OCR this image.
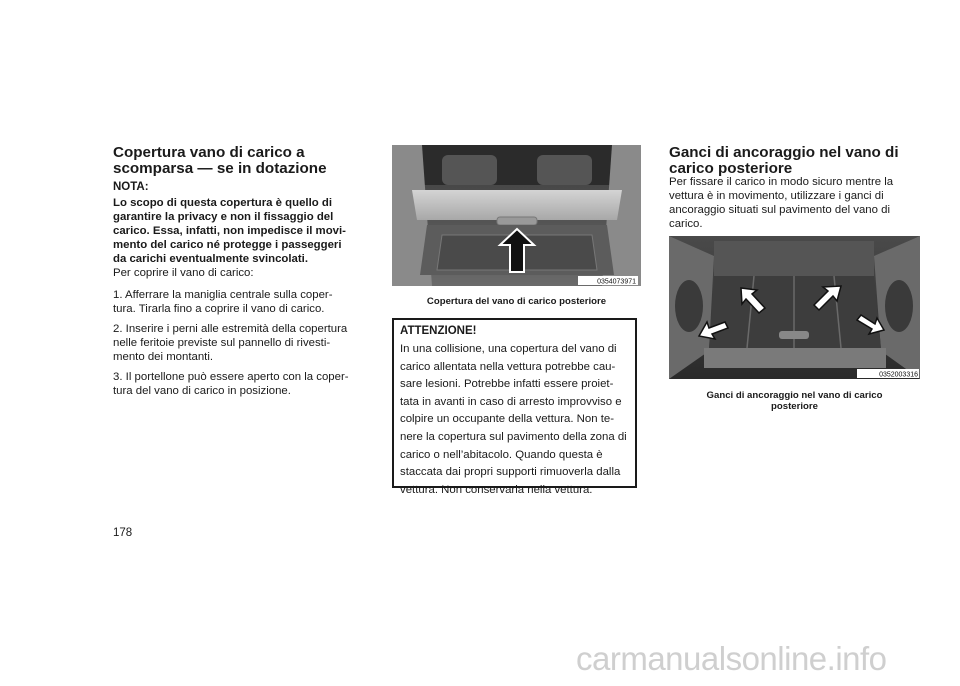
Copertura vano di carico a
scomparsa — se in dotazione
NOTA:
Lo scopo di questa copertura è quello di
garantire la privacy e non il fissaggio del
carico. Essa, infatti, non impedisce il movi-
mento del carico né protegge i passeggeri
da carichi eventualmente svincolati.
Per coprire il vano di carico:
1. Afferrare la maniglia centrale sulla coper-
tura. Tirarla fino a coprire il vano di carico.
2. Inserire i perni alle estremità della copertura
nelle feritoie previste sul pannello di rivesti-
mento dei montanti.
3. Il portellone può essere aperto con la coper-
tura del vano di carico in posizione.
0354073971
Copertura del vano di carico posteriore
ATTENZIONE!
In una collisione, una copertura del vano di
carico allentata nella vettura potrebbe cau-
sare lesioni. Potrebbe infatti essere proiet-
tata in avanti in caso di arresto improvviso e
colpire un occupante della vettura. Non te-
nere la copertura sul pavimento della zona di
carico o nell’abitacolo. Quando questa è
staccata dai propri supporti rimuoverla dalla
vettura. Non conservarla nella vettura.
Ganci di ancoraggio nel vano di
carico posteriore
Per fissare il carico in modo sicuro mentre la
vettura è in movimento, utilizzare i ganci di
ancoraggio situati sul pavimento del vano di
carico.
0352003316
Ganci di ancoraggio nel vano di carico
posteriore
178
carmanualsonline.info
